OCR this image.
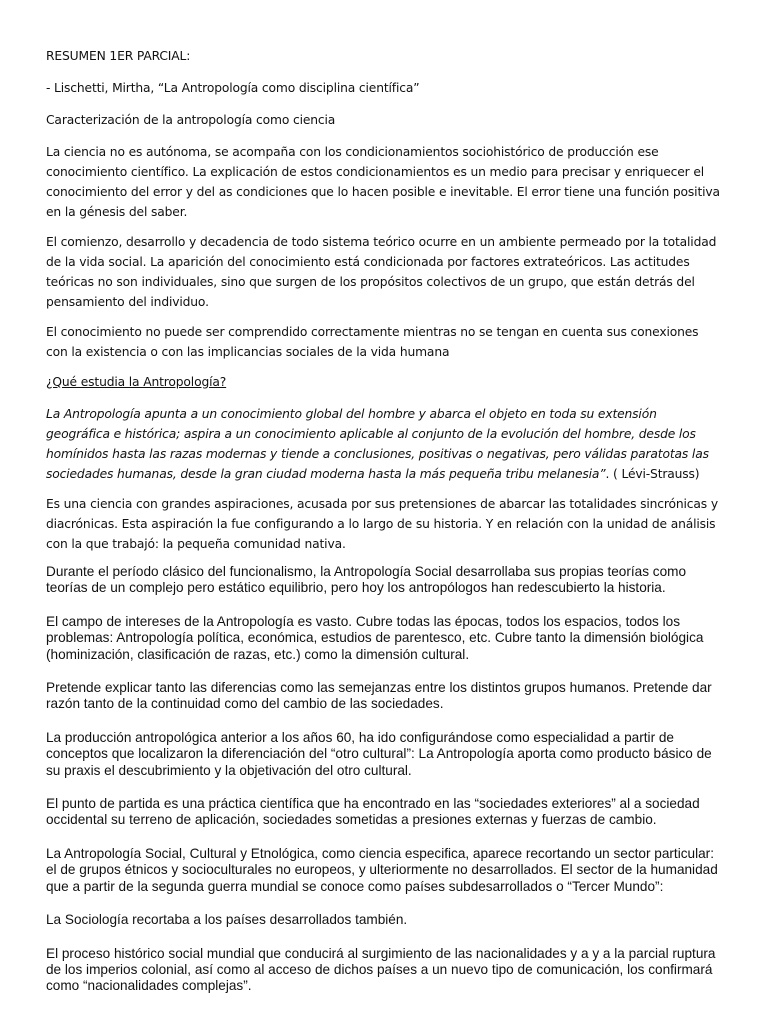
RESUMEN 1ER PARCIAL:

- Lischetti, Mirtha, “La Antropología como disciplina científica”

Caracterización de la antropología como ciencia

La ciencia no es autónoma, se acompaña con los condicionamientos sociohistórico de producción ese conocimiento científico. La explicación de estos condicionamientos es un medio para precisar y enriquecer el conocimiento del error y del as condiciones que lo hacen posible e inevitable. El error tiene una función positiva en la génesis del saber.

El comienzo, desarrollo y decadencia de todo sistema teórico ocurre en un ambiente permeado por la totalidad de la vida social. La aparición del conocimiento está condicionada por factores extrateóricos. Las actitudes teóricas no son individuales, sino que surgen de los propósitos colectivos de un grupo, que están detrás del pensamiento del individuo.

El conocimiento no puede ser comprendido correctamente mientras no se tengan en cuenta sus conexiones con la existencia o con las implicancias sociales de la vida humana

¿Qué estudia la Antropología?

La Antropología apunta a un conocimiento global del hombre y abarca el objeto en toda su extensión geográfica e histórica; aspira a un conocimiento aplicable al conjunto de la evolución del hombre, desde los homínidos hasta las razas modernas y tiende a conclusiones, positivas o negativas, pero válidas paratotas las sociedades humanas, desde la gran ciudad moderna hasta la más pequeña tribu melanesia”. ( Lévi-Strauss)

Es una ciencia con grandes aspiraciones, acusada por sus pretensiones de abarcar las totalidades sincrónicas y diacrónicas. Esta aspiración la fue configurando a lo largo de su historia. Y en relación con la unidad de análisis con la que trabajó: la pequeña comunidad nativa.

Durante el período clásico del funcionalismo, la Antropología Social desarrollaba sus propias teorías como teorías de un complejo pero estático equilibrio, pero hoy los antropólogos han redescubierto la historia.

El campo de intereses de la Antropología es vasto. Cubre todas las épocas, todos los espacios, todos los problemas: Antropología política, económica, estudios de parentesco, etc. Cubre tanto la dimensión biológica (hominización, clasificación de razas, etc.) como la dimensión cultural.

Pretende explicar tanto las diferencias como las semejanzas entre los distintos grupos humanos. Pretende dar razón tanto de la continuidad como del cambio de las sociedades.

La producción antropológica anterior a los años 60, ha ido configurándose como especialidad a partir de conceptos que localizaron la diferenciación del “otro cultural”: La Antropología aporta como producto básico de su praxis el descubrimiento y la objetivación del otro cultural.

El punto de partida es una práctica científica que ha encontrado en las “sociedades exteriores” al a sociedad occidental su terreno de aplicación, sociedades sometidas a presiones externas y fuerzas de cambio.

La Antropología Social, Cultural y Etnológica, como ciencia especifica, aparece recortando un sector particular: el de grupos étnicos y socioculturales no europeos, y ulteriormente no desarrollados. El sector de la humanidad que a partir de la segunda guerra mundial se conoce como países subdesarrollados o “Tercer Mundo”:

La Sociología recortaba a los países desarrollados también.

El proceso histórico social mundial que conducirá al surgimiento de las nacionalidades y a y a la parcial ruptura de los imperios colonial, así como al acceso de dichos países a un nuevo tipo de comunicación, los confirmará como “nacionalidades complejas”.
